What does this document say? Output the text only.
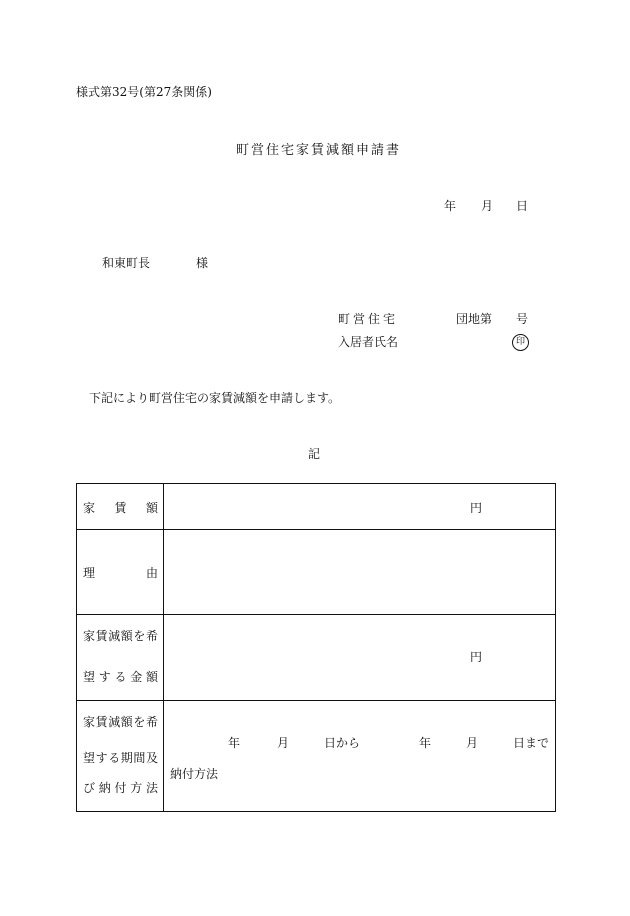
様式第32号(第27条関係)
町営住宅家賃減額申請書
年 月 日
和東町長	様
町営住宅	団地第 号
入居者氏名	印
下記により町営住宅の家賃減額を申請します。
記
家 賃 額	円
理	由
家 賃 減 額 を 希
望 す る 金 額
円
家 賃 減 額 を 希
望 す る 期 間 及
び 納 付 方 法
年	月	日から	年	月	日まで
納付方法
